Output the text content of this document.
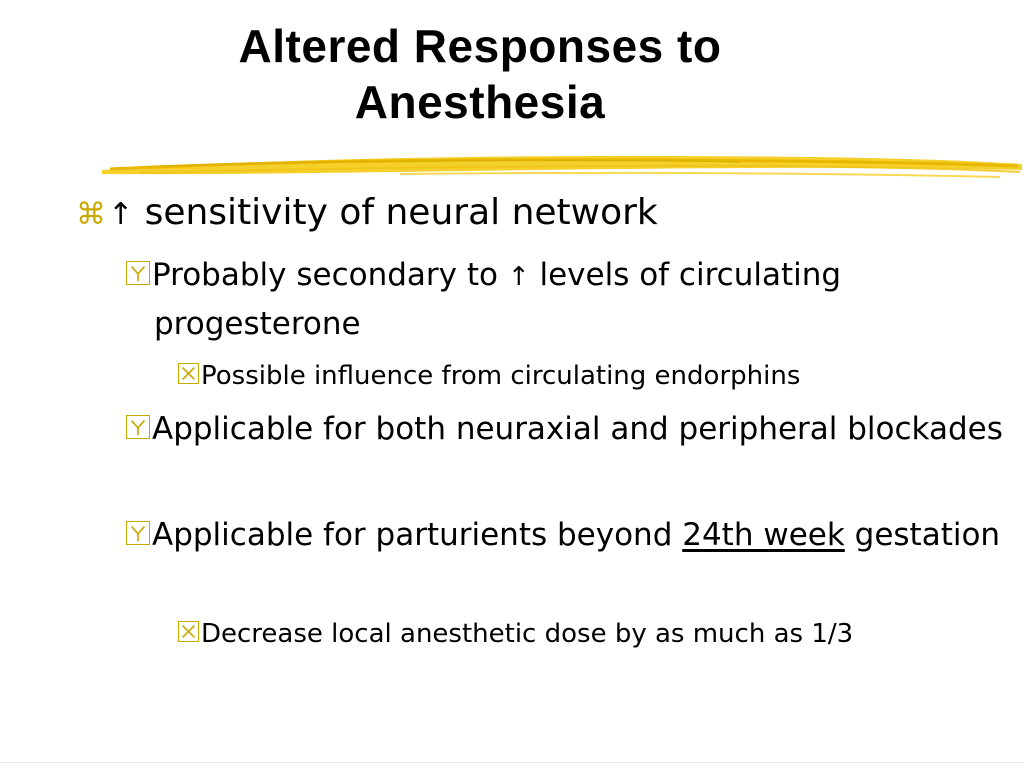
Altered Responses to
Anesthesia

⌘↑ sensitivity of neural network

Probably secondary to ↑ levels of circulating progesterone

Possible influence from circulating endorphins

Applicable for both neuraxial and peripheral blockades

Applicable for parturients beyond 24th week gestation

Decrease local anesthetic dose by as much as 1/3
